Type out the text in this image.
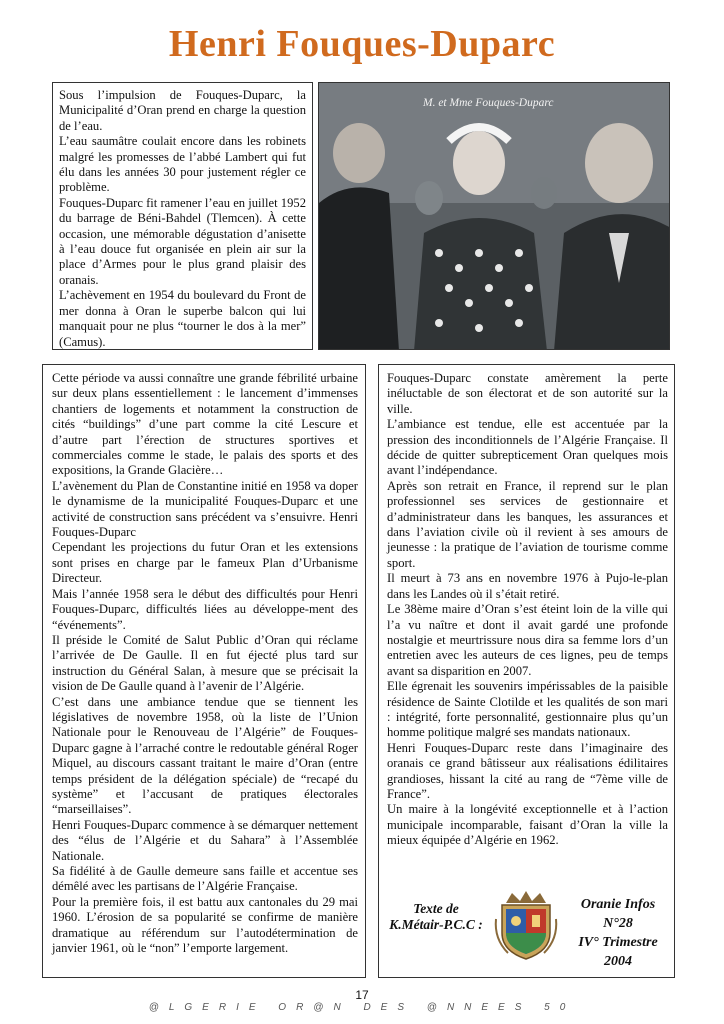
Henri Fouques-Duparc

Sous l’impulsion de Fouques-Duparc, la Municipalité d’Oran prend en charge la question de l’eau.

L’eau saumâtre coulait encore dans les robinets malgré les promesses de l’abbé Lambert qui fut élu dans les années 30 pour justement régler ce problème.

Fouques-Duparc fit ramener l’eau en juillet 1952 du barrage de Béni-Bahdel (Tlemcen). À cette occasion, une mémorable dégustation d’anisette à l’eau douce fut organisée en plein air sur la place d’Armes pour le plus grand plaisir des oranais.

L’achèvement en 1954 du boulevard du Front de mer donna à Oran le superbe balcon qui lui manquait pour ne plus “tourner le dos à la mer” (Camus).

M. et Mme Fouques-Duparc

Cette période va aussi connaître une grande fébrilité urbaine sur deux plans essentiellement : le lancement d’immenses chantiers de logements et notamment la construction de cités “buildings” d’une part comme la cité Lescure et d’autre part l’érection de structures sportives et commerciales comme le stade, le palais des sports et des expositions, la Grande Glacière…

L’avènement du Plan de Constantine initié en 1958 va doper le dynamisme de la municipalité Fouques-Duparc et une activité de construction sans précédent va s’ensuivre. Henri Fouques-Duparc

Cependant les projections du futur Oran et les extensions sont prises en charge par le fameux Plan d’Urbanisme Directeur.

Mais l’année 1958 sera le début des difficultés pour Henri Fouques-Duparc, difficultés liées au développe-ment des “événements”.

Il préside le Comité de Salut Public d’Oran qui réclame l’arrivée de De Gaulle. Il en fut éjecté plus tard sur instruction du Général Salan, à mesure que se précisait la vision de De Gaulle quand à l’avenir de l’Algérie.

C’est dans une ambiance tendue que se tiennent les législatives de novembre 1958, où la liste de l’Union Nationale pour le Renouveau de l’Algérie” de Fouques-Duparc gagne à l’arraché contre le redoutable général Roger Miquel, au discours cassant traitant le maire d’Oran (entre temps président de la délégation spéciale) de “recapé du système” et l’accusant de pratiques électorales “marseillaises”.

Henri Fouques-Duparc commence à se démarquer nettement des “élus de l’Algérie et du Sahara” à l’Assemblée Nationale.

Sa fidélité à de Gaulle demeure sans faille et accentue ses démêlé avec les partisans de l’Algérie Française.

Pour la première fois, il est battu aux cantonales du 29 mai 1960. L’érosion de sa popularité se confirme de manière dramatique au référendum sur l’autodétermination de janvier 1961, où le “non” l’emporte largement.

Fouques-Duparc constate amèrement la perte inéluctable de son électorat et de son autorité sur la ville.

L’ambiance est tendue, elle est accentuée par la pression des inconditionnels de l’Algérie Française. Il décide de quitter subrepticement Oran quelques mois avant l’indépendance.

Après son retrait en France, il reprend sur le plan professionnel ses services de gestionnaire et d’administrateur dans les banques, les assurances et dans l’aviation civile où il revient à ses amours de jeunesse : la pratique de l’aviation de tourisme comme sport.

Il meurt à 73 ans en novembre 1976 à Pujo-le-plan dans les Landes où il s’était retiré.

Le 38ème maire d’Oran s’est éteint loin de la ville qui l’a vu naître et dont il avait gardé une profonde nostalgie et meurtrissure nous dira sa femme lors d’un entretien avec les auteurs de ces lignes, peu de temps avant sa disparition en 2007.

Elle égrenait les souvenirs impérissables de la paisible résidence de Sainte Clotilde et les qualités de son mari : intégrité, forte personnalité, gestionnaire plus qu’un homme politique malgré ses mandats nationaux.

Henri Fouques-Duparc reste dans l’imaginaire des oranais ce grand bâtisseur aux réalisations édilitaires grandioses, hissant la cité au rang de “7ème ville de France”.

Un maire à la longévité exceptionnelle et à l’action municipale incomparable, faisant d’Oran la ville la mieux équipée d’Algérie en 1962.

Texte de
K.Métair-P.C.C :
Oranie Infos N°28
IV° Trimestre 2004
17
@LGERIE OR@N DES @NNEES 50
